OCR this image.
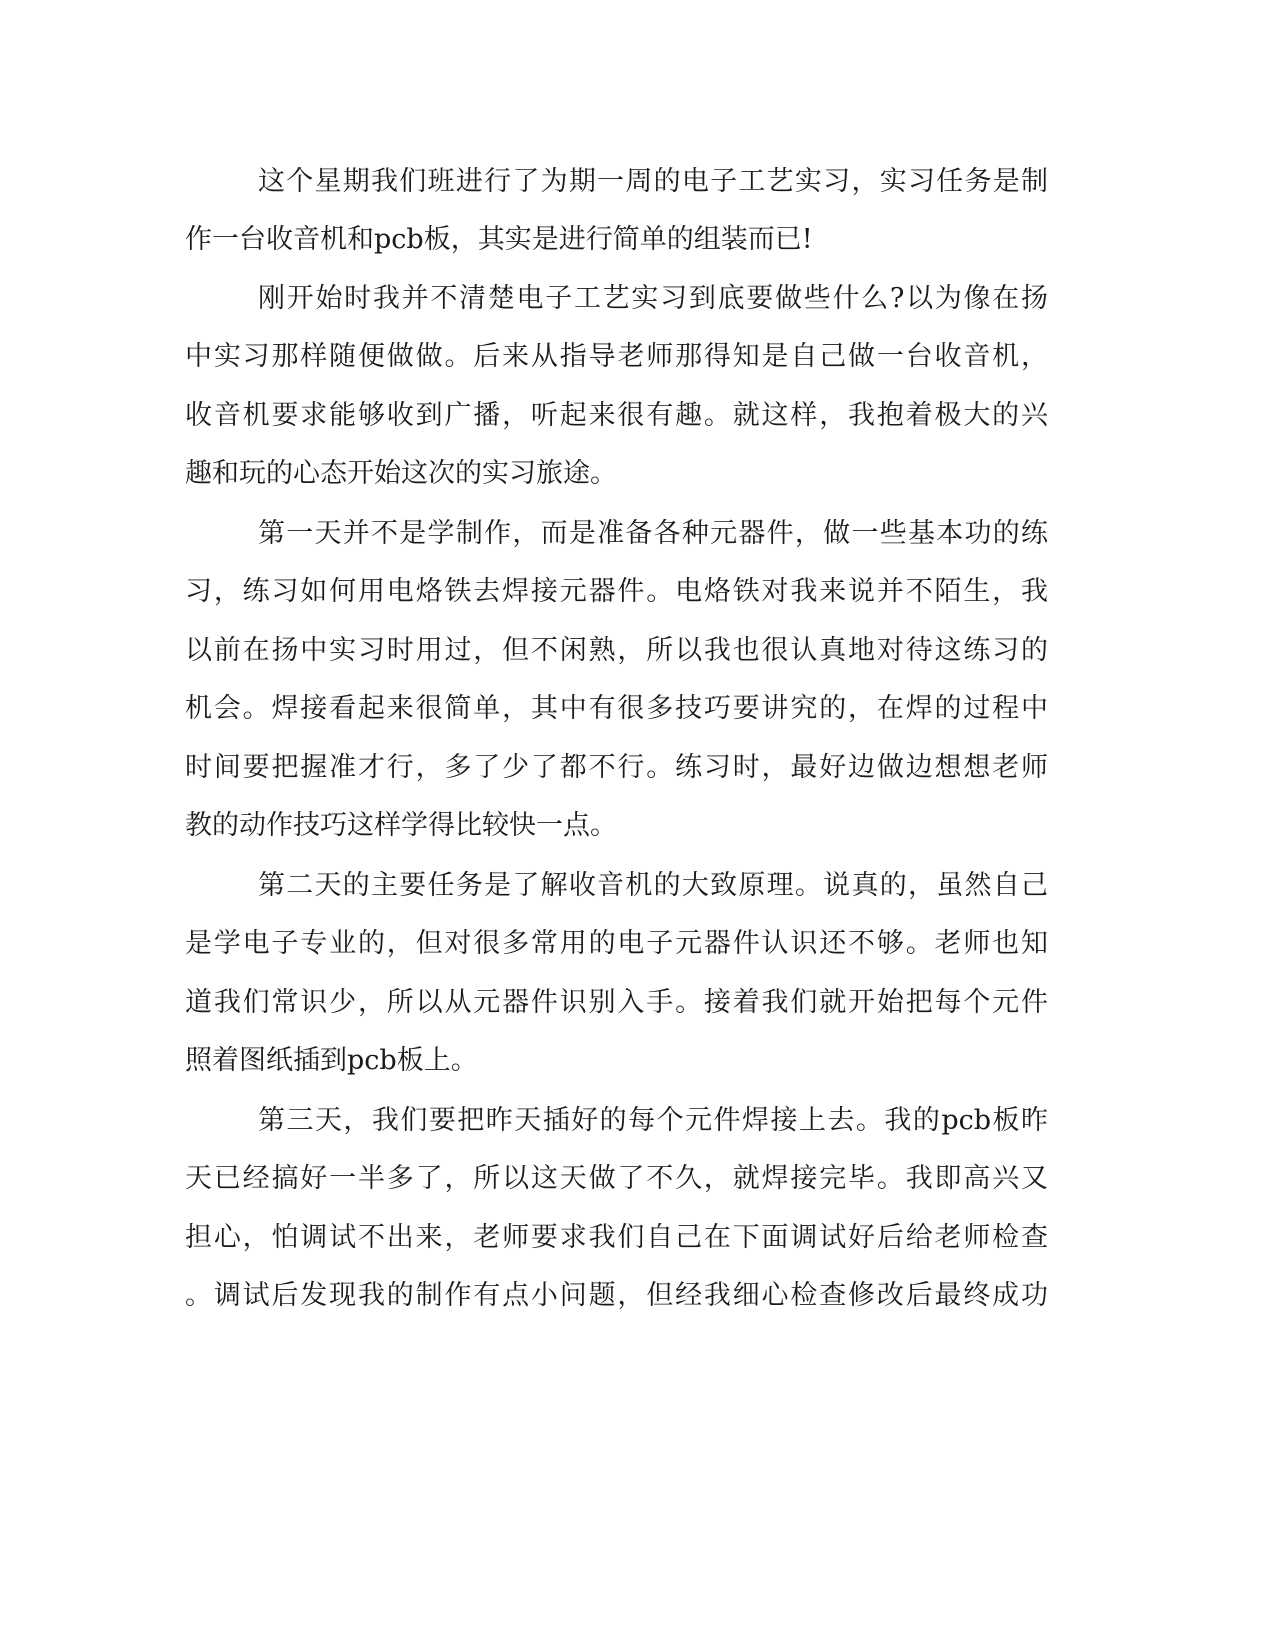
这个星期我们班进行了为期一周的电子工艺实习，实习任务是制
作一台收音机和pcb板，其实是进行简单的组装而已!
刚开始时我并不清楚电子工艺实习到底要做些什么?以为像在扬
中实习那样随便做做。后来从指导老师那得知是自己做一台收音机，
收音机要求能够收到广播，听起来很有趣。就这样，我抱着极大的兴
趣和玩的心态开始这次的实习旅途。
第一天并不是学制作，而是准备各种元器件，做一些基本功的练
习，练习如何用电烙铁去焊接元器件。电烙铁对我来说并不陌生，我
以前在扬中实习时用过，但不闲熟，所以我也很认真地对待这练习的
机会。焊接看起来很简单，其中有很多技巧要讲究的，在焊的过程中
时间要把握准才行，多了少了都不行。练习时，最好边做边想想老师
教的动作技巧这样学得比较快一点。
第二天的主要任务是了解收音机的大致原理。说真的，虽然自己
是学电子专业的，但对很多常用的电子元器件认识还不够。老师也知
道我们常识少，所以从元器件识别入手。接着我们就开始把每个元件
照着图纸插到pcb板上。
第三天，我们要把昨天插好的每个元件焊接上去。我的pcb板昨
天已经搞好一半多了，所以这天做了不久，就焊接完毕。我即高兴又
担心，怕调试不出来，老师要求我们自己在下面调试好后给老师检查
。调试后发现我的制作有点小问题，但经我细心检查修改后最终成功
